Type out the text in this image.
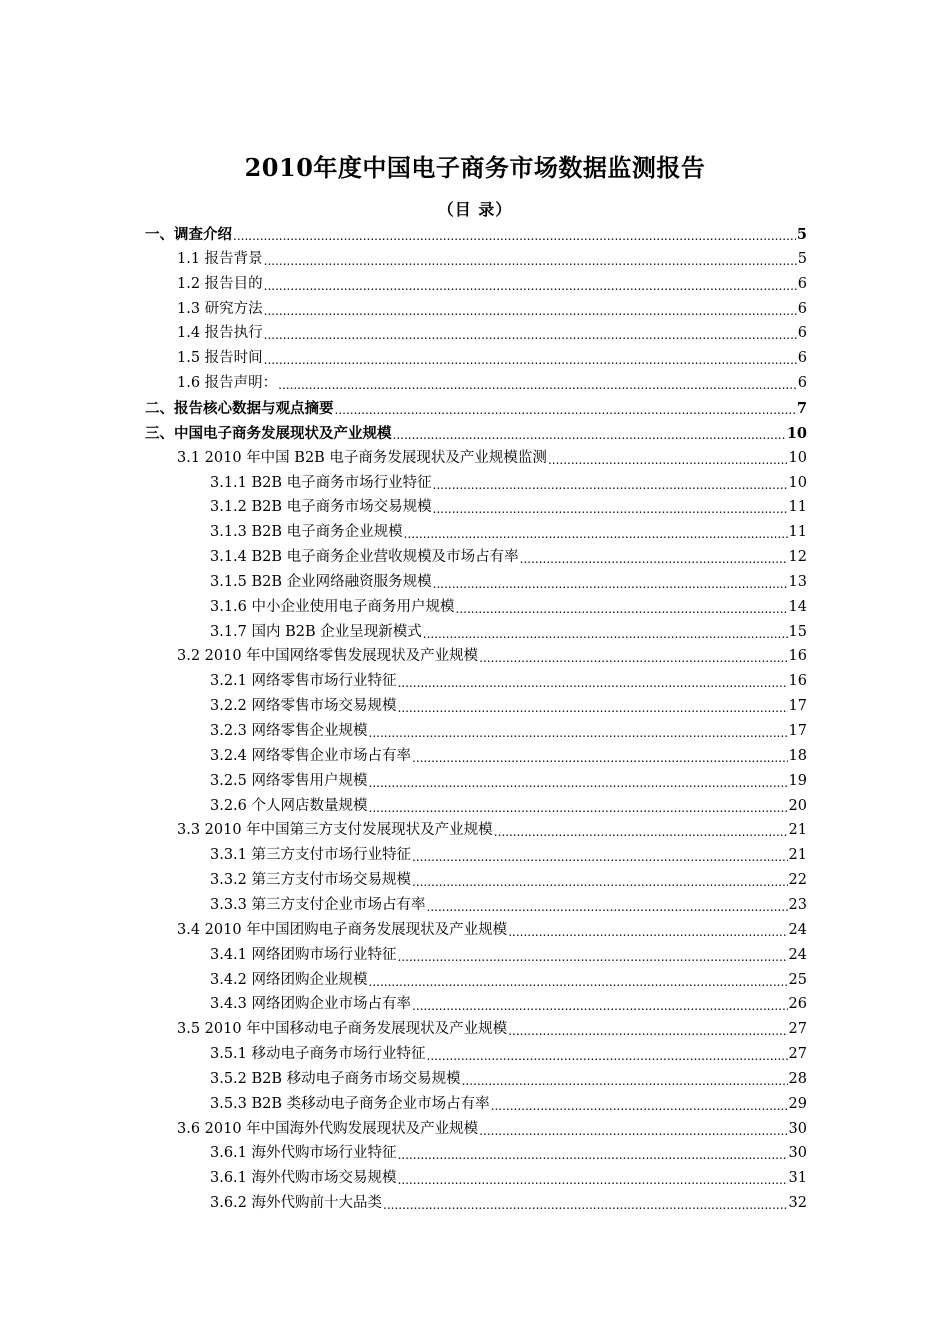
2010年度中国电子商务市场数据监测报告
（目 录）
一、调查介绍 .....	5
1.1 报告背景 .....	5
1.2 报告目的 .....	6
1.3 研究方法 .....	6
1.4 报告执行 .....	6
1.5 报告时间 .....	6
1.6 报告声明： .....	6
二、报告核心数据与观点摘要 .....	7
三、中国电子商务发展现状及产业规模 .....	10
3.1 2010 年中国 B2B 电子商务发展现状及产业规模监测 .....	10
3.1.1 B2B 电子商务市场行业特征 .....	10
3.1.2 B2B 电子商务市场交易规模 .....	11
3.1.3 B2B 电子商务企业规模 .....	11
3.1.4 B2B 电子商务企业营收规模及市场占有率 .....	12
3.1.5 B2B 企业网络融资服务规模 .....	13
3.1.6 中小企业使用电子商务用户规模 .....	14
3.1.7 国内 B2B 企业呈现新模式 .....	15
3.2 2010 年中国网络零售发展现状及产业规模 .....	16
3.2.1 网络零售市场行业特征 .....	16
3.2.2 网络零售市场交易规模 .....	17
3.2.3 网络零售企业规模 .....	17
3.2.4 网络零售企业市场占有率 .....	18
3.2.5 网络零售用户规模 .....	19
3.2.6 个人网店数量规模 .....	20
3.3 2010 年中国第三方支付发展现状及产业规模 .....	21
3.3.1 第三方支付市场行业特征 .....	21
3.3.2 第三方支付市场交易规模 .....	22
3.3.3 第三方支付企业市场占有率 .....	23
3.4 2010 年中国团购电子商务发展现状及产业规模 .....	24
3.4.1 网络团购市场行业特征 .....	24
3.4.2 网络团购企业规模 .....	25
3.4.3 网络团购企业市场占有率 .....	26
3.5 2010 年中国移动电子商务发展现状及产业规模 .....	27
3.5.1 移动电子商务市场行业特征 .....	27
3.5.2 B2B 移动电子商务市场交易规模 .....	28
3.5.3 B2B 类移动电子商务企业市场占有率 .....	29
3.6 2010 年中国海外代购发展现状及产业规模 .....	30
3.6.1 海外代购市场行业特征 .....	30
3.6.1 海外代购市场交易规模 .....	31
3.6.2 海外代购前十大品类 .....	32
